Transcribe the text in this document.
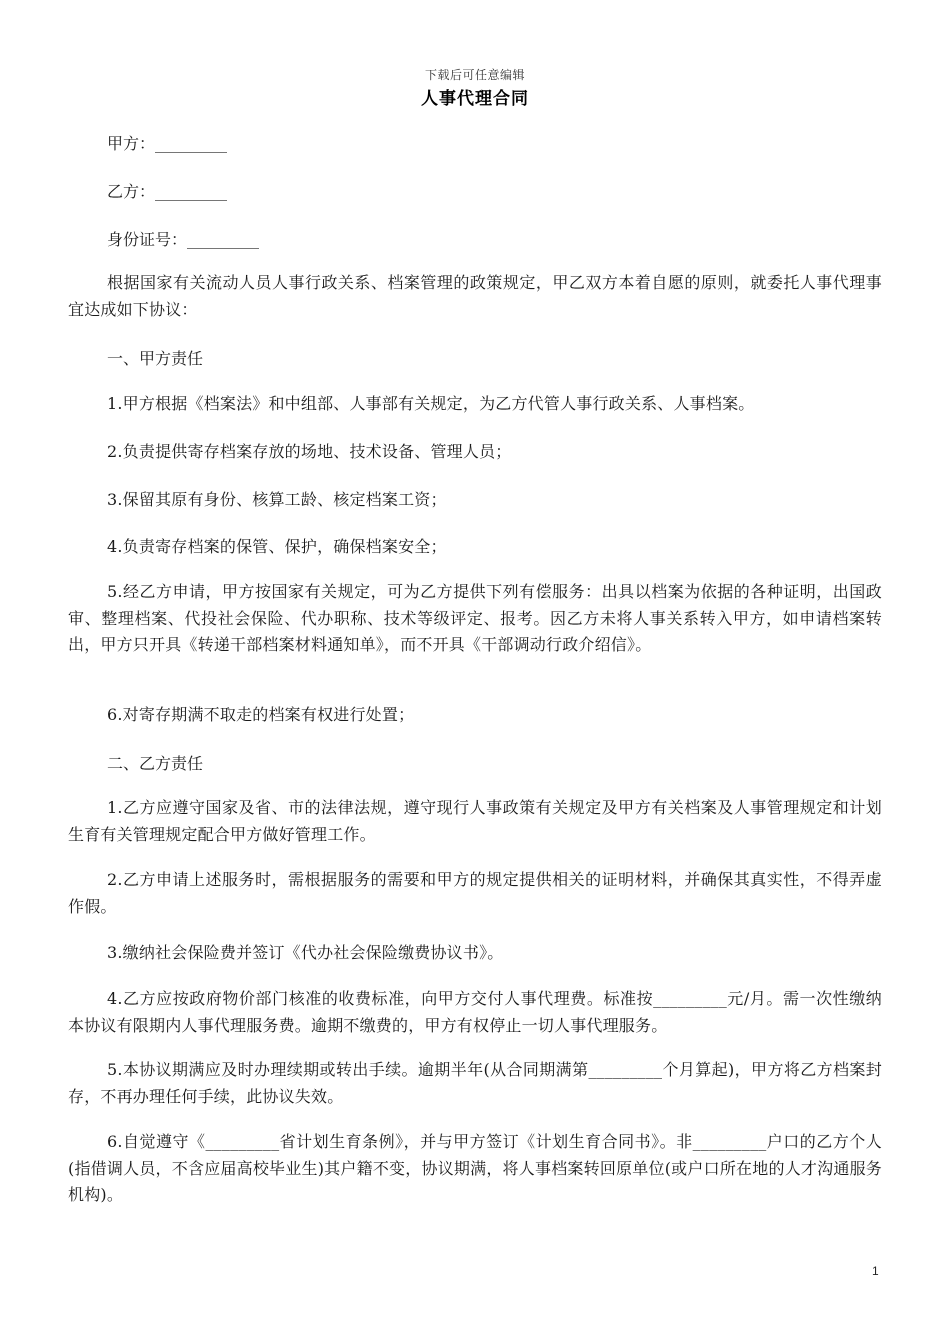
下载后可任意编辑
人事代理合同
甲方：_________
乙方：_________
身份证号：_________
根据国家有关流动人员人事行政关系、档案管理的政策规定，甲乙双方本着自愿的原则，就委托人事代理事宜达成如下协议：
一、甲方责任
1.甲方根据《档案法》和中组部、人事部有关规定，为乙方代管人事行政关系、人事档案。
2.负责提供寄存档案存放的场地、技术设备、管理人员；
3.保留其原有身份、核算工龄、核定档案工资；
4.负责寄存档案的保管、保护，确保档案安全；
5.经乙方申请，甲方按国家有关规定，可为乙方提供下列有偿服务：出具以档案为依据的各种证明，出国政审、整理档案、代投社会保险、代办职称、技术等级评定、报考。因乙方未将人事关系转入甲方，如申请档案转出，甲方只开具《转递干部档案材料通知单》，而不开具《干部调动行政介绍信》。
6.对寄存期满不取走的档案有权进行处置；
二、乙方责任
1.乙方应遵守国家及省、市的法律法规，遵守现行人事政策有关规定及甲方有关档案及人事管理规定和计划生育有关管理规定配合甲方做好管理工作。
2.乙方申请上述服务时，需根据服务的需要和甲方的规定提供相关的证明材料，并确保其真实性，不得弄虚作假。
3.缴纳社会保险费并签订《代办社会保险缴费协议书》。
4.乙方应按政府物价部门核准的收费标准，向甲方交付人事代理费。标准按_________元/月。需一次性缴纳本协议有限期内人事代理服务费。逾期不缴费的，甲方有权停止一切人事代理服务。
5.本协议期满应及时办理续期或转出手续。逾期半年(从合同期满第_________个月算起)，甲方将乙方档案封存，不再办理任何手续，此协议失效。
6.自觉遵守《_________省计划生育条例》，并与甲方签订《计划生育合同书》。非_________户口的乙方个人(指借调人员，不含应届高校毕业生)其户籍不变，协议期满，将人事档案转回原单位(或户口所在地的人才沟通服务机构)。
1
